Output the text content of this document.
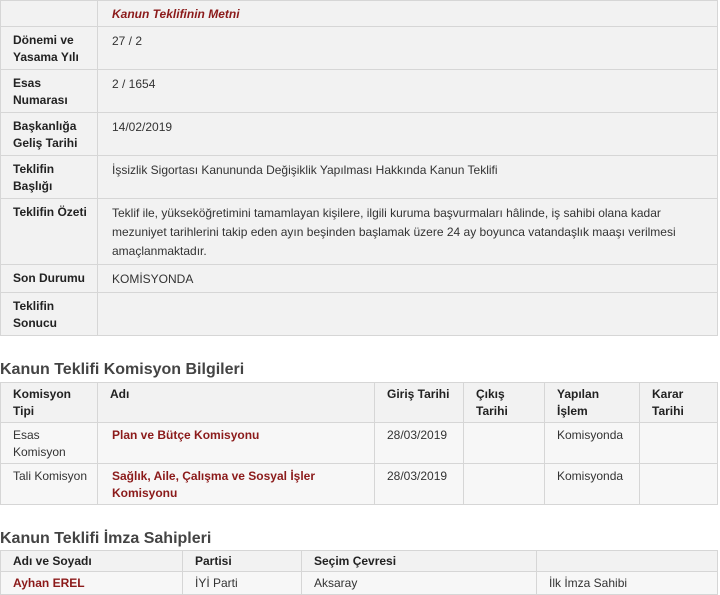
	Kanun Teklifinin Metni
Dönemi ve Yasama Yılı	27 / 2
Esas Numarası	2 / 1654
Başkanlığa Geliş Tarihi	14/02/2019
Teklifin Başlığı	İşsizlik Sigortası Kanununda Değişiklik Yapılması Hakkında Kanun Teklifi
Teklifin Özeti	Teklif ile, yükseköğretimini tamamlayan kişilere, ilgili kuruma başvurmaları hâlinde, iş sahibi olana kadar mezuniyet tarihlerini takip eden ayın beşinden başlamak üzere 24 ay boyunca vatandaşlık maaşı verilmesi amaçlanmaktadır.
Son Durumu	KOMİSYONDA
Teklifin Sonucu	
Kanun Teklifi Komisyon Bilgileri
Komisyon Tipi	Adı	Giriş Tarihi	Çıkış Tarihi	Yapılan İşlem	Karar Tarihi
Esas Komisyon	Plan ve Bütçe Komisyonu	28/03/2019		Komisyonda	
Tali Komisyon	Sağlık, Aile, Çalışma ve Sosyal İşler Komisyonu	28/03/2019		Komisyonda	
Kanun Teklifi İmza Sahipleri
Adı ve Soyadı	Partisi	Seçim Çevresi	
Ayhan EREL	İYİ Parti	Aksaray	İlk İmza Sahibi
